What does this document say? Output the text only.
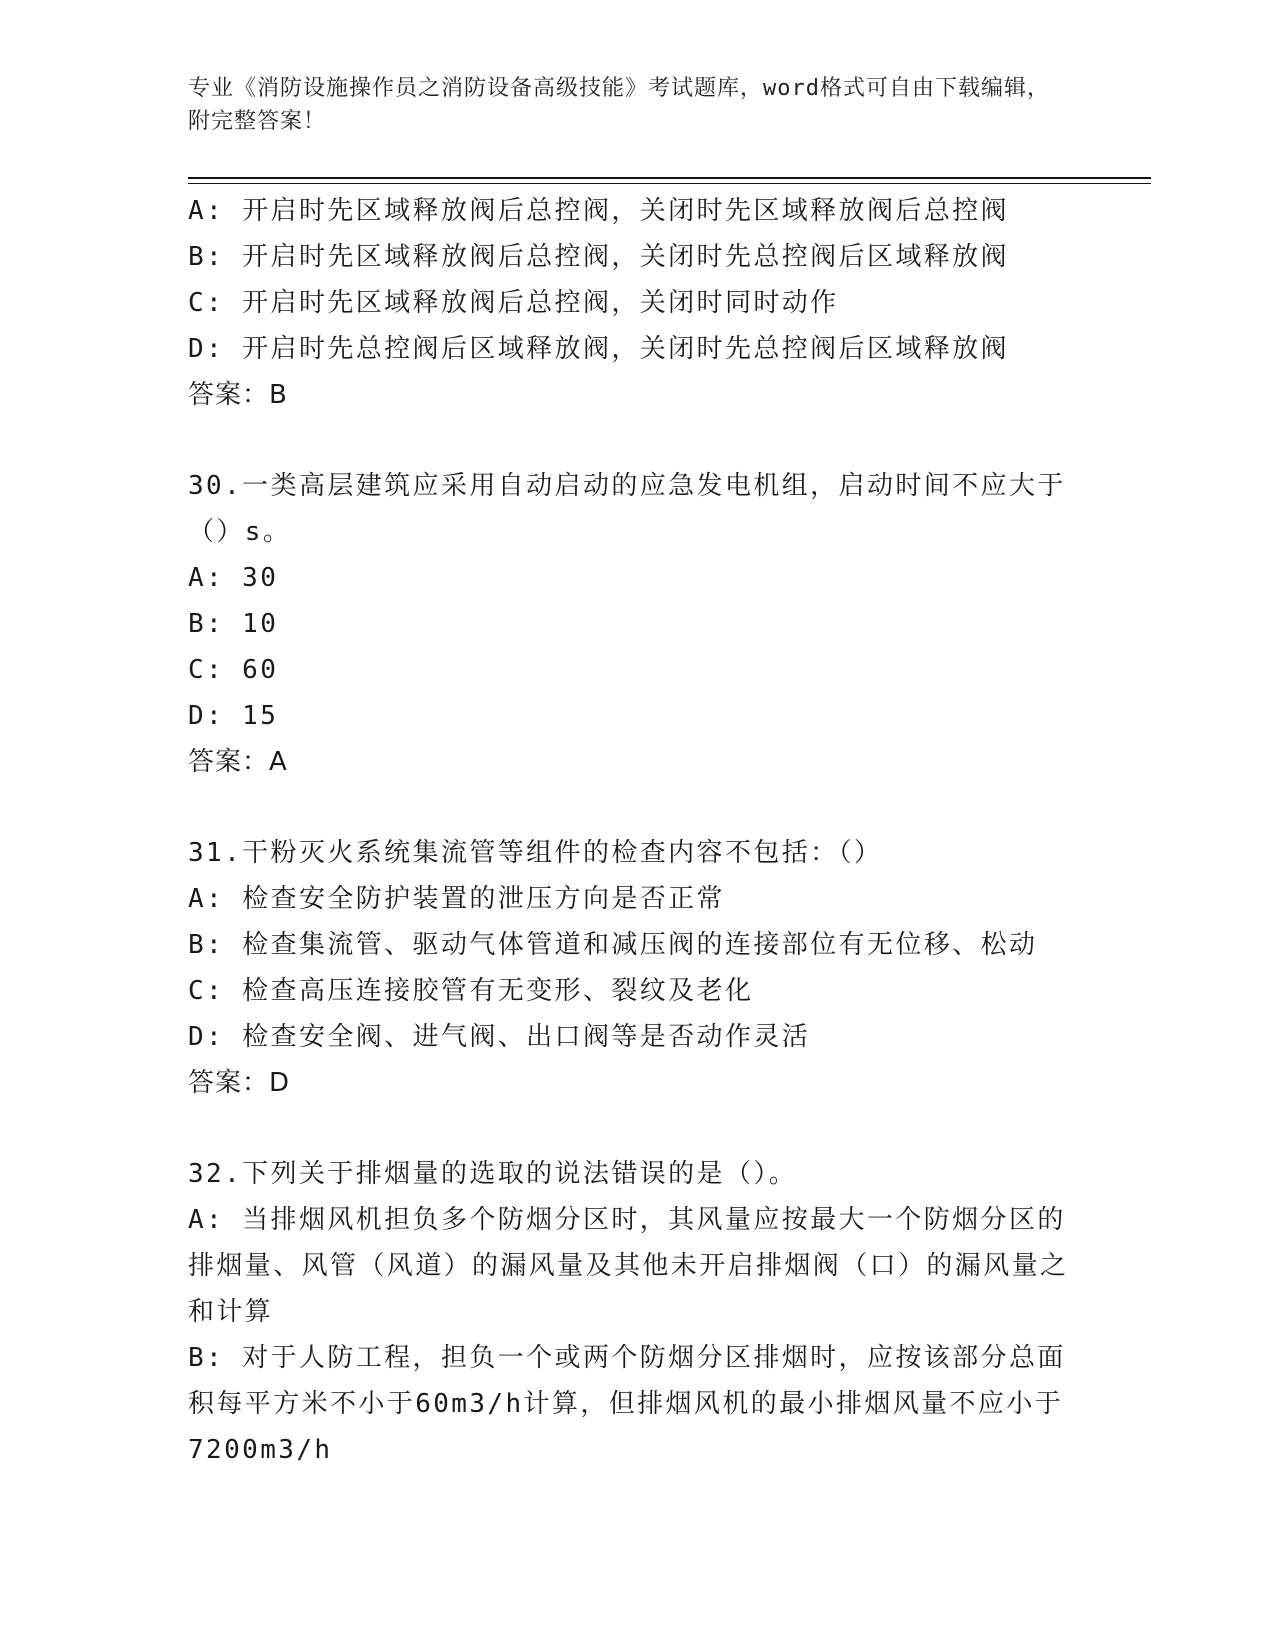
专业《消防设施操作员之消防设备高级技能》考试题库，word格式可自由下载编辑，附完整答案！
A: 开启时先区域释放阀后总控阀，关闭时先区域释放阀后总控阀
B: 开启时先区域释放阀后总控阀，关闭时先总控阀后区域释放阀
C: 开启时先区域释放阀后总控阀，关闭时同时动作
D: 开启时先总控阀后区域释放阀，关闭时先总控阀后区域释放阀
答案：B
30.一类高层建筑应采用自动启动的应急发电机组，启动时间不应大于（）s。
A: 30
B: 10
C: 60
D: 15
答案：A
31.干粉灭火系统集流管等组件的检查内容不包括：（）
A: 检查安全防护装置的泄压方向是否正常
B: 检查集流管、驱动气体管道和减压阀的连接部位有无位移、松动
C: 检查高压连接胶管有无变形、裂纹及老化
D: 检查安全阀、进气阀、出口阀等是否动作灵活
答案：D
32.下列关于排烟量的选取的说法错误的是（）。
A: 当排烟风机担负多个防烟分区时，其风量应按最大一个防烟分区的排烟量、风管（风道）的漏风量及其他未开启排烟阀（口）的漏风量之和计算
B: 对于人防工程，担负一个或两个防烟分区排烟时，应按该部分总面积每平方米不小于60m3/h计算，但排烟风机的最小排烟风量不应小于7200m3/h
